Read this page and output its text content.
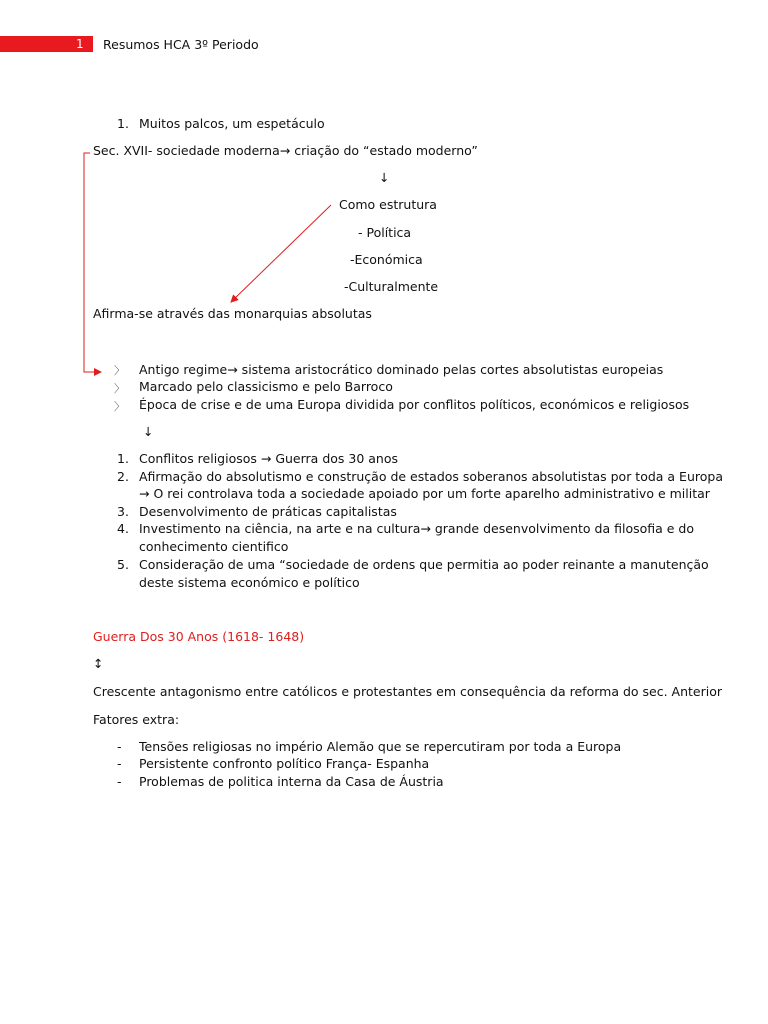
1 Resumos HCA 3º Periodo
1. Muitos palcos, um espetáculo
Sec. XVII- sociedade moderna→ criação do “estado moderno”
↓
Como estrutura
- Política
-Económica
-Culturalmente
Afirma-se através das monarquias absolutas
〉 Antigo regime→ sistema aristocrático dominado pelas cortes absolutistas europeias
〉 Marcado pelo classicismo e pelo Barroco
〉 Época de crise e de uma Europa dividida por conflitos políticos, económicos e religiosos
↓
1. Conflitos religiosos → Guerra dos 30 anos
2. Afirmação do absolutismo e construção de estados soberanos absolutistas por toda a Europa
→ O rei controlava toda a sociedade apoiado por um forte aparelho administrativo e militar
3. Desenvolvimento de práticas capitalistas
4. Investimento na ciência, na arte e na cultura→ grande desenvolvimento da filosofia e do
conhecimento cientifico
5. Consideração de uma “sociedade de ordens que permitia ao poder reinante a manutenção
deste sistema económico e político
Guerra Dos 30 Anos (1618- 1648)
↕
Crescente antagonismo entre católicos e protestantes em consequência da reforma do sec. Anterior
Fatores extra:
- Tensões religiosas no império Alemão que se repercutiram por toda a Europa
- Persistente confronto político França- Espanha
- Problemas de politica interna da Casa de Áustria
